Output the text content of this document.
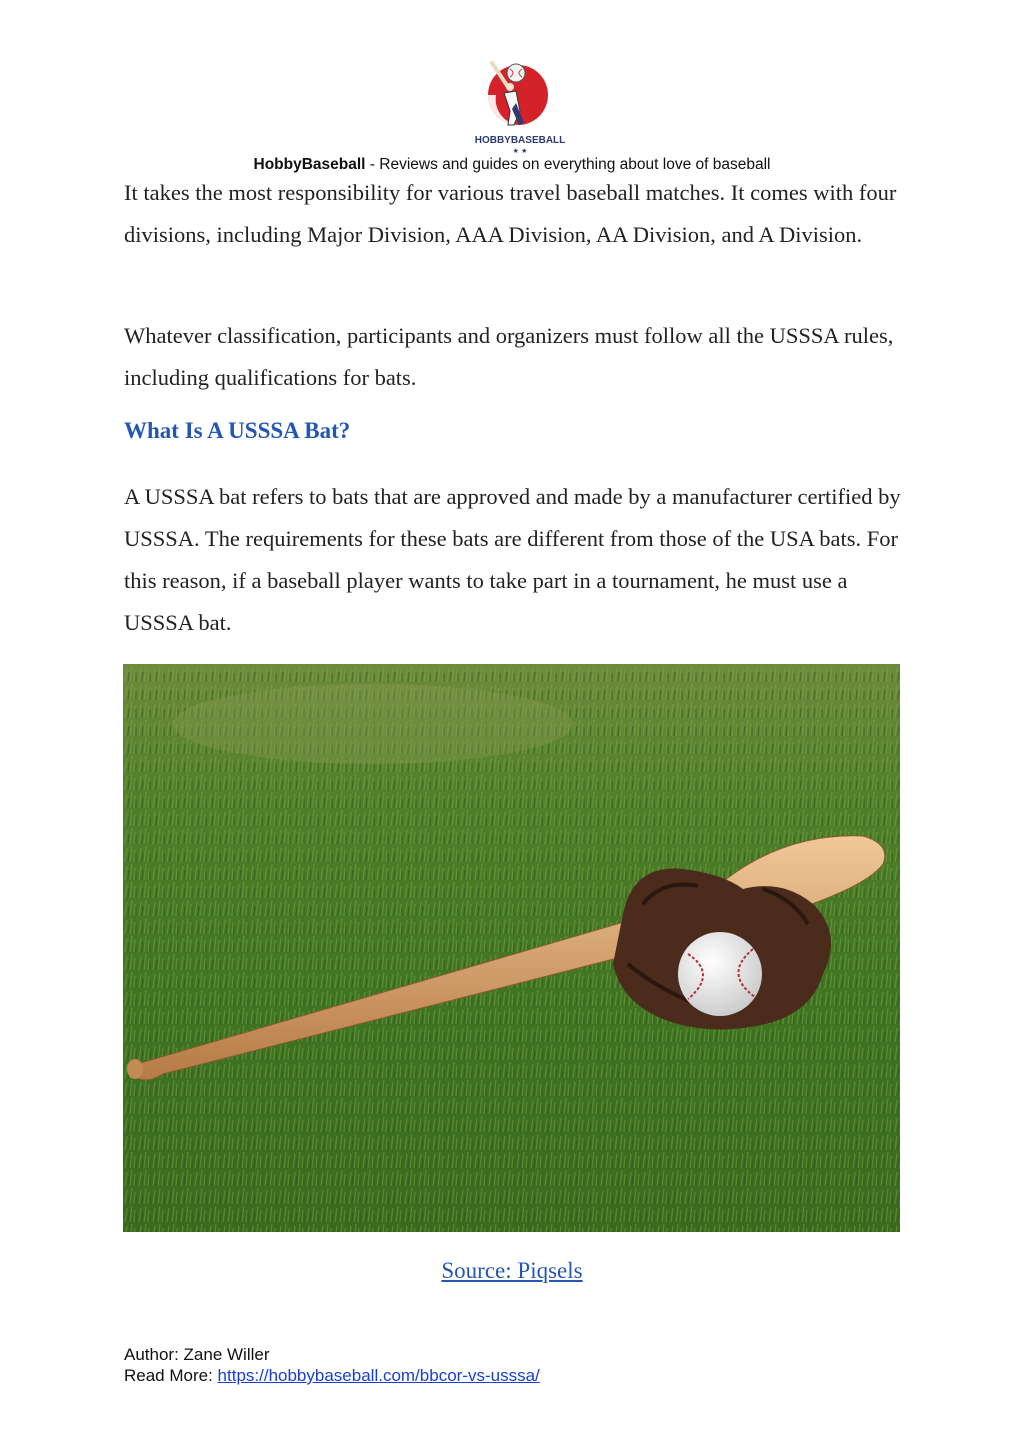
HOBBYBASEBALL
★ ★
HobbyBaseball - Reviews and guides on everything about love of baseball
It takes the most responsibility for various travel baseball matches. It comes with four divisions, including Major Division, AAA Division, AA Division, and A Division.
Whatever classification, participants and organizers must follow all the USSSA rules, including qualifications for bats.
What Is A USSSA Bat?
A USSSA bat refers to bats that are approved and made by a manufacturer certified by USSSA. The requirements for these bats are different from those of the USA bats. For this reason, if a baseball player wants to take part in a tournament, he must use a USSSA bat.
Source: Piqsels
Author: Zane Willer
Read More: https://hobbybaseball.com/bbcor-vs-usssa/
